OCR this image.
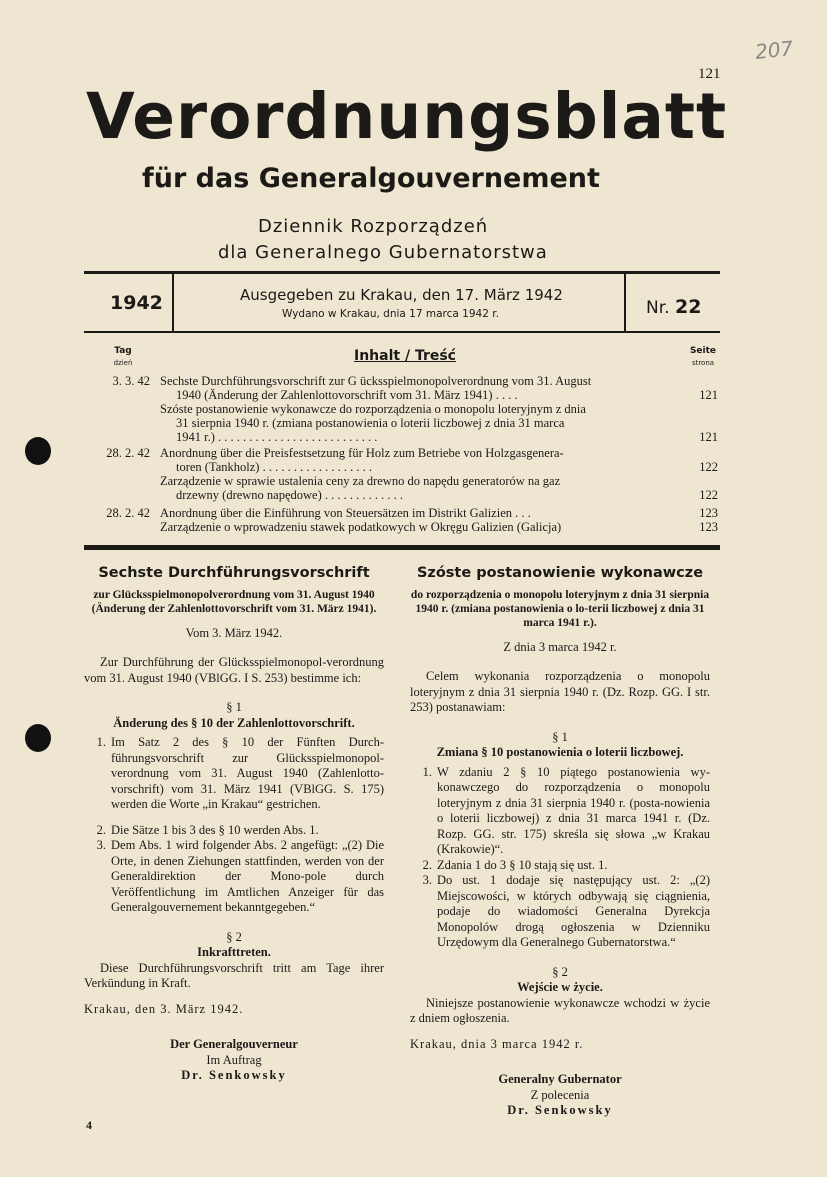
207
121
Verordnungsblatt
für das Generalgouvernement
Dziennik Rozporządzeń
dla Generalnego Gubernatorstwa
1942	Ausgegeben zu Krakau, den 17. März 1942
Wydano w Krakau, dnia 17 marca 1942 r.	Nr. 22
Tag
dzień	Inhalt / Treść	Seite
strona
3. 3. 42 Sechste Durchführungsvorschrift zur G ücksspielmonopolverordnung vom 31. August
1940 (Änderung der Zahlenlottovorschrift vom 31. März 1941) . . . .	121
Szóste postanowienie wykonawcze do rozporządzenia o monopolu loteryjnym z dnia
31 sierpnia 1940 r. (zmiana postanowienia o loterii liczbowej z dnia 31 marca
1941 r.) . . . . . . . . . . . . . . . . . . . . . . . . . .	121
28. 2. 42 Anordnung über die Preisfestsetzung für Holz zum Betriebe von Holzgasgenera-
toren (Tankholz) . . . . . . . . . . . . . . . . . .	122
Zarządzenie w sprawie ustalenia ceny za drewno do napędu generatorów na gaz
drzewny (drewno napędowe) . . . . . . . . . . . . .	122
28. 2. 42 Anordnung über die Einführung von Steuersätzen im Distrikt Galizien . . .	123
Zarządzenie o wprowadzeniu stawek podatkowych w Okręgu Galizien (Galicja)	123
Sechste Durchführungsvorschrift
zur Glücksspielmonopolverordnung vom 31. August 1940 (Änderung der Zahlenlottovorschrift vom 31. März 1941).
Vom 3. März 1942.
Zur Durchführung der Glücksspielmonopol-verordnung vom 31. August 1940 (VBlGG. I S. 253) bestimme ich:
§ 1
Änderung des § 10 der Zahlenlottovorschrift.
1. Im Satz 2 des § 10 der Fünften Durch-führungsvorschrift zur Glücksspielmonopol-verordnung vom 31. August 1940 (Zahlenlotto-vorschrift) vom 31. März 1941 (VBlGG. S. 175) werden die Worte „in Krakau“ gestrichen.
2. Die Sätze 1 bis 3 des § 10 werden Abs. 1.
3. Dem Abs. 1 wird folgender Abs. 2 angefügt: „(2) Die Orte, in denen Ziehungen stattfinden, werden von der Generaldirektion der Mono-pole durch Veröffentlichung im Amtlichen Anzeiger für das Generalgouvernement bekanntgegeben.“
§ 2
Inkrafttreten.
Diese Durchführungsvorschrift tritt am Tage ihrer Verkündung in Kraft.
Krakau, den 3. März 1942.
Der Generalgouverneur
Im Auftrag
Dr. Senkowsky
Szóste postanowienie wykonawcze
do rozporządzenia o monopolu loteryjnym z dnia 31 sierpnia 1940 r. (zmiana postanowienia o lo-terii liczbowej z dnia 31 marca 1941 r.).
Z dnia 3 marca 1942 r.
Celem wykonania rozporządzenia o monopolu loteryjnym z dnia 31 sierpnia 1940 r. (Dz. Rozp. GG. I str. 253) postanawiam:
§ 1
Zmiana § 10 postanowienia o loterii liczbowej.
1. W zdaniu 2 § 10 piątego postanowienia wy-konawczego do rozporządzenia o monopolu loteryjnym z dnia 31 sierpnia 1940 r. (posta-nowienia o loterii liczbowej) z dnia 31 marca 1941 r. (Dz. Rozp. GG. str. 175) skreśla się słowa „w Krakau (Krakowie)“.
2. Zdania 1 do 3 § 10 stają się ust. 1.
3. Do ust. 1 dodaje się następujący ust. 2: „(2) Miejscowości, w których odbywają się ciągnienia, podaje do wiadomości Generalna Dyrekcja Monopolów drogą ogłoszenia w Dzienniku Urzędowym dla Generalnego Gubernatorstwa.“
§ 2
Wejście w życie.
Niniejsze postanowienie wykonawcze wchodzi w życie z dniem ogłoszenia.
Krakau, dnia 3 marca 1942 r.
Generalny Gubernator
Z polecenia
Dr. Senkowsky
4
